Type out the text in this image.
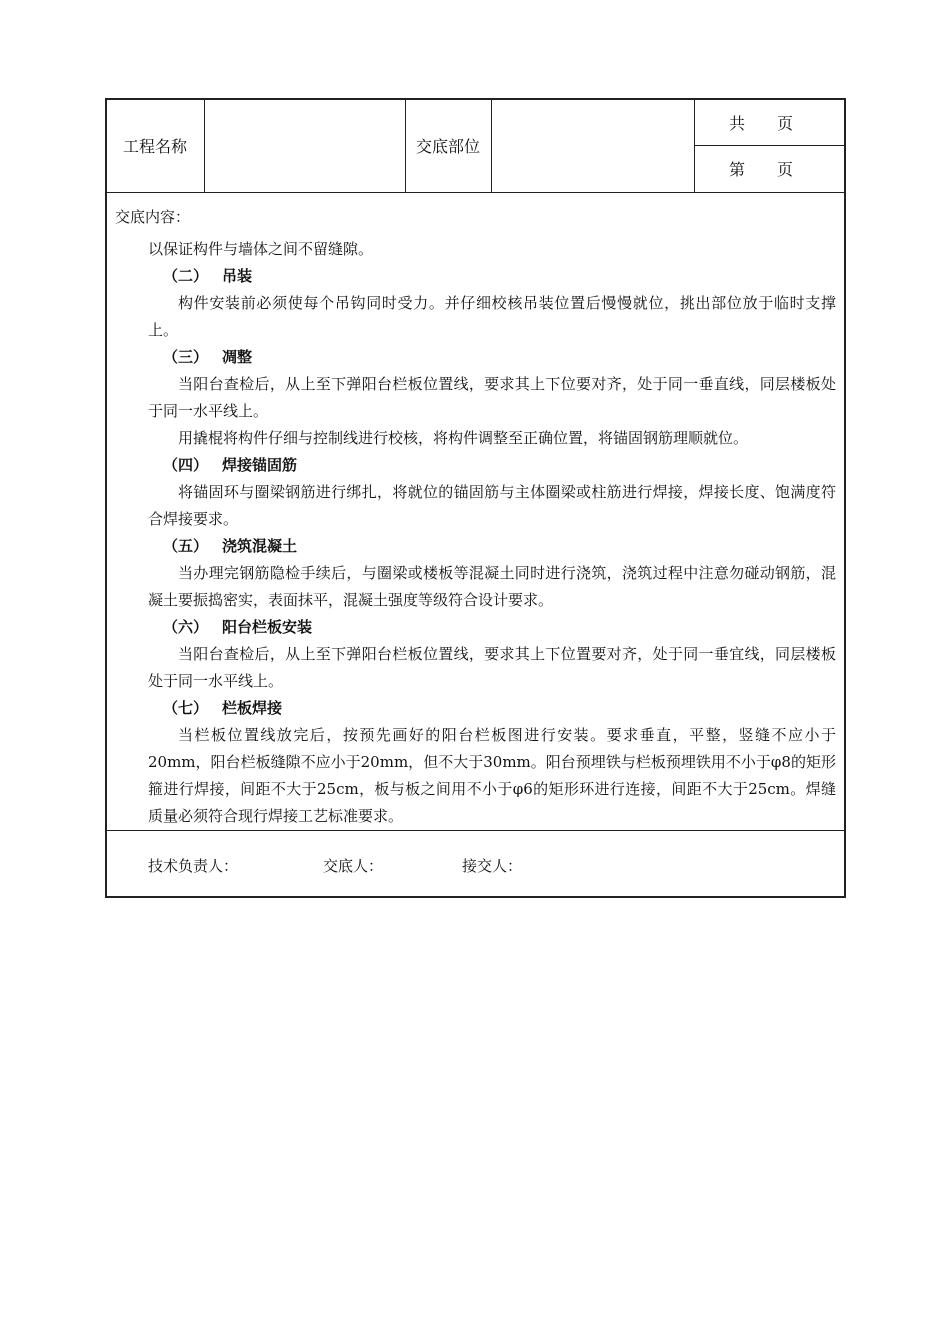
工程名称	交底部位
共　　页
第　　页
交底内容：

以保证构件与墙体之间不留缝隙。

（二） 吊装

构件安装前必须使每个吊钩同时受力。并仔细校核吊装位置后慢慢就位，挑出部位放于临时支撑上。

（三） 凋整

当阳台查检后，从上至下弹阳台栏板位置线，要求其上下位要对齐，处于同一垂直线，同层楼板处于同一水平线上。

用撬棍将构件仔细与控制线进行校核，将构件调整至正确位置，将锚固钢筋理顺就位。

（四） 焊接锚固筋

将锚固环与圈梁钢筋进行绑扎，将就位的锚固筋与主体圈梁或柱筋进行焊接，焊接长度、饱满度符合焊接要求。

（五） 浇筑混凝土

当办理完钢筋隐检手续后，与圈梁或楼板等混凝土同时进行浇筑，浇筑过程中注意勿碰动钢筋，混凝土要振捣密实，表面抹平，混凝土强度等级符合设计要求。

（六） 阳台栏板安装

当阳台查检后，从上至下弹阳台栏板位置线，要求其上下位置要对齐，处于同一垂宜线，同层楼板处于同一水平线上。

（七） 栏板焊接

当栏板位置线放完后，按预先画好的阳台栏板图进行安装。要求垂直，平整，竖缝不应小于20mm，阳台栏板缝隙不应小于20mm，但不大于30mm。阳台预埋铁与栏板预埋铁用不小于φ8的矩形箍进行焊接，间距不大于25cm，板与板之间用不小于φ6的矩形环进行连接，间距不大于25cm。焊缝质量必须符合现行焊接工艺标准要求。

技术负责人：	交底人：	接交人：
